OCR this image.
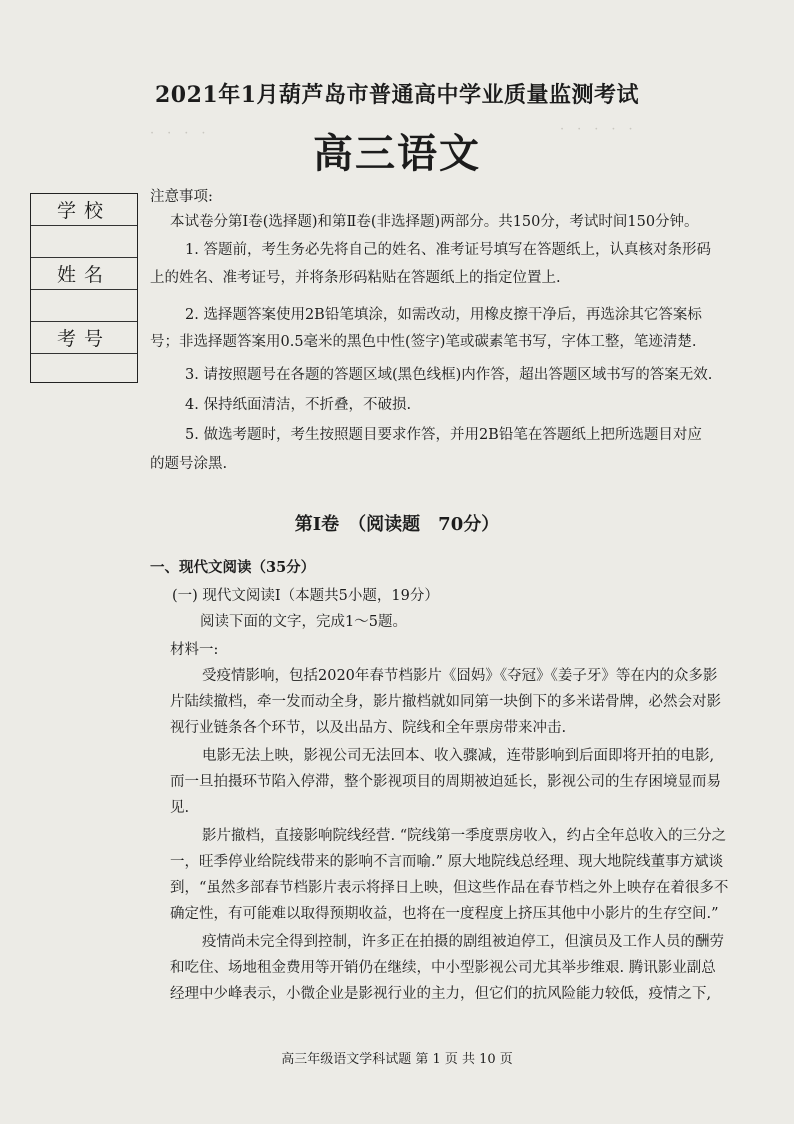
·　·　·　·　·
·　·　·　·
2021年1月葫芦岛市普通高中学业质量监测考试
高三语文
学校
姓名
考号
注意事项:
本试卷分第Ⅰ卷(选择题)和第Ⅱ卷(非选择题)两部分。共150分，考试时间150分钟。
1. 答题前，考生务必先将自己的姓名、准考证号填写在答题纸上，认真核对条形码
上的姓名、准考证号，并将条形码粘贴在答题纸上的指定位置上.
2. 选择题答案使用2B铅笔填涂，如需改动，用橡皮擦干净后，再选涂其它答案标
号；非选择题答案用0.5毫米的黑色中性(签字)笔或碳素笔书写，字体工整，笔迹清楚.
3. 请按照题号在各题的答题区域(黑色线框)内作答，超出答题区域书写的答案无效.
4. 保持纸面清洁，不折叠，不破损.
5. 做选考题时，考生按照题目要求作答，并用2B铅笔在答题纸上把所选题目对应
的题号涂黑.
第Ⅰ卷　（阅读题　70分）
一、现代文阅读（35分）
(一) 现代文阅读Ⅰ（本题共5小题，19分）
阅读下面的文字，完成1～5题。
材料一:
受疫情影响，包括2020年春节档影片《囧妈》《夺冠》《姜子牙》等在内的众多影
片陆续撤档，牵一发而动全身，影片撤档就如同第一块倒下的多米诺骨牌，必然会对影
视行业链条各个环节，以及出品方、院线和全年票房带来冲击.
电影无法上映，影视公司无法回本、收入骤减，连带影响到后面即将开拍的电影,
而一旦拍摄环节陷入停滞，整个影视项目的周期被迫延长，影视公司的生存困境显而易
见.
影片撤档，直接影响院线经营. “院线第一季度票房收入，约占全年总收入的三分之
一，旺季停业给院线带来的影响不言而喻.” 原大地院线总经理、现大地院线董事方斌谈
到，“虽然多部春节档影片表示将择日上映，但这些作品在春节档之外上映存在着很多不
确定性，有可能难以取得预期收益，也将在一度程度上挤压其他中小影片的生存空间.”
疫情尚未完全得到控制，许多正在拍摄的剧组被迫停工，但演员及工作人员的酬劳
和吃住、场地租金费用等开销仍在继续，中小型影视公司尤其举步维艰. 腾讯影业副总
经理中少峰表示，小微企业是影视行业的主力，但它们的抗风险能力较低，疫情之下,
高三年级语文学科试题 第 1 页 共 10 页
